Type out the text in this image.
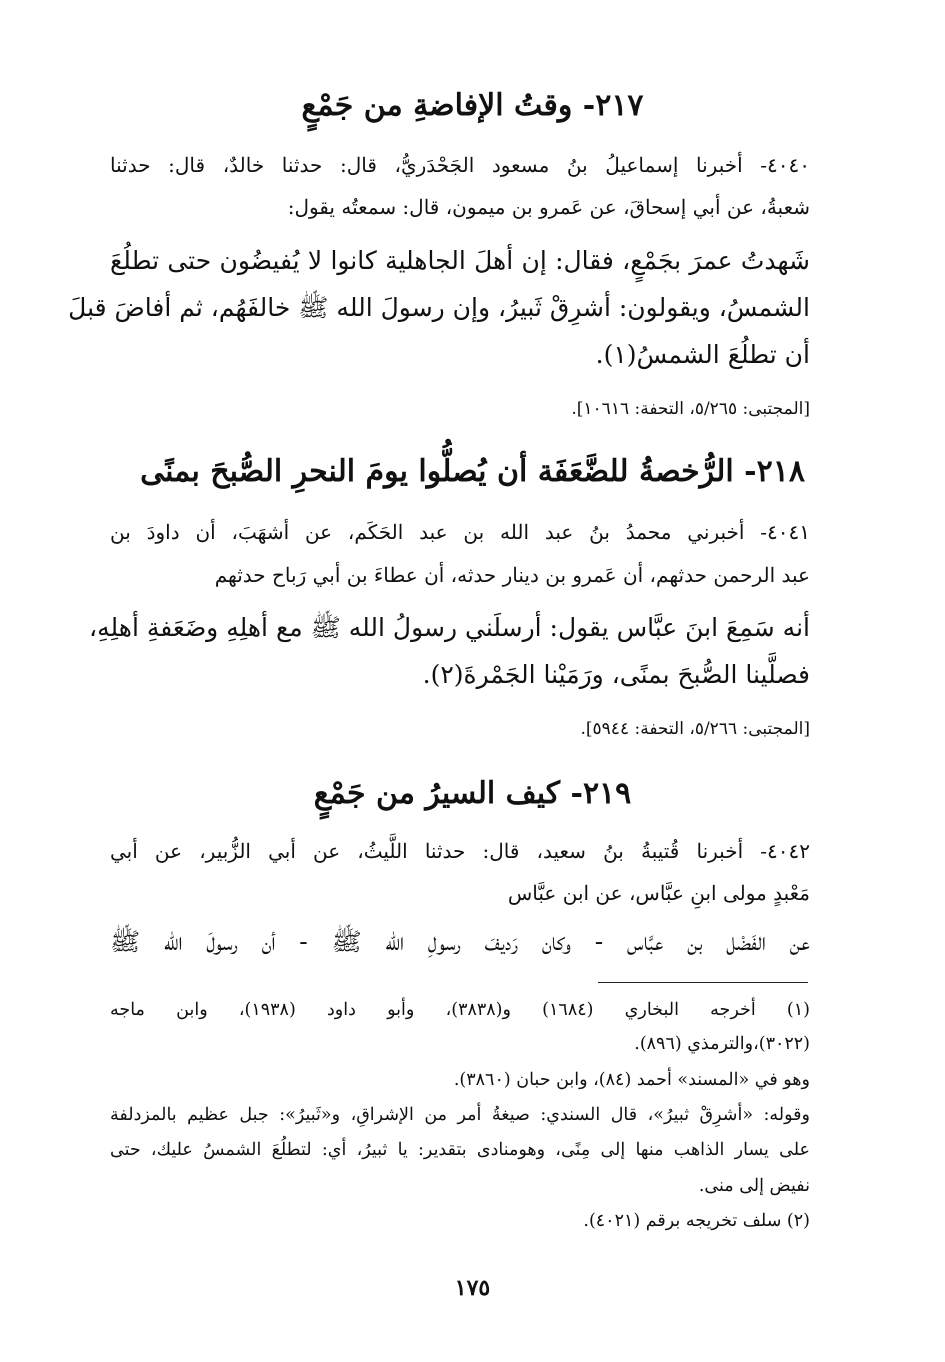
٢١٧- وقتُ الإفاضةِ من جَمْعٍ
٤٠٤٠- أخبرنا إسماعيلُ بنُ مسعود الجَحْدَريُّ، قال: حدثنا خالدٌ، قال: حدثنا
شعبةُ، عن أبي إسحاقَ، عن عَمرو بن ميمون، قال: سمعتُه يقول:
شَهدتُ عمرَ بجَمْعٍ، فقال: إن أهلَ الجاهلية كانوا لا يُفيضُون حتى تطلُعَ
الشمسُ، ويقولون: أشرِقْ ثَبيرُ، وإن رسولَ الله ﷺ خالفَهُم، ثم أفاضَ قبلَ
أن تطلُعَ الشمسُ(١).
[المجتبى: ٥/٢٦٥، التحفة: ١٠٦١٦].
٢١٨- الرُّخصةُ للضَّعَفَة أن يُصلُّوا يومَ النحرِ الصُّبحَ بمنًى
٤٠٤١- أخبرني محمدُ بنُ عبد الله بن عبد الحَكَم، عن أشهَبَ، أن داودَ بن
عبد الرحمن حدثهم، أن عَمرو بن دينار حدثه، أن عطاءَ بن أبي رَباح حدثهم
أنه سَمِعَ ابنَ عبَّاس يقول: أرسلَني رسولُ الله ﷺ مع أهلِهِ وضَعَفةِ أهلِهِ،
فصلَّينا الصُّبحَ بمنًى، ورَمَيْنا الجَمْرةَ(٢).
[المجتبى: ٥/٢٦٦، التحفة: ٥٩٤٤].
٢١٩- كيف السيرُ من جَمْعٍ
٤٠٤٢- أخبرنا قُتيبةُ بنُ سعيد، قال: حدثنا اللَّيثُ، عن أبي الزُّبير، عن أبي
مَعْبدٍ مولى ابنِ عبَّاس، عن ابن عبَّاس
عن الفَضْل بن عبَّاس - وكان رَديفَ رسولِ الله ﷺ - أن رسولَ الله ﷺ
(١) أخرجه البخاري (١٦٨٤) و(٣٨٣٨)، وأبو داود (١٩٣٨)، وابن ماجه
(٣٠٢٢)،والترمذي (٨٩٦).
وهو في «المسند» أحمد (٨٤)، وابن حبان (٣٨٦٠).
وقوله: «أشرِقْ ثبيرُ»، قال السندي: صيغةُ أمر من الإشراقِ، و«ثَبيرُ»: جبل عظيم بالمزدلفة
على يسار الذاهب منها إلى مِنًى، وهومنادى بتقدير: يا ثبيرُ، أي: لتطلُعَ الشمسُ عليك، حتى
نفيض إلى منى.
(٢) سلف تخريجه برقم (٤٠٢١).
١٧٥
